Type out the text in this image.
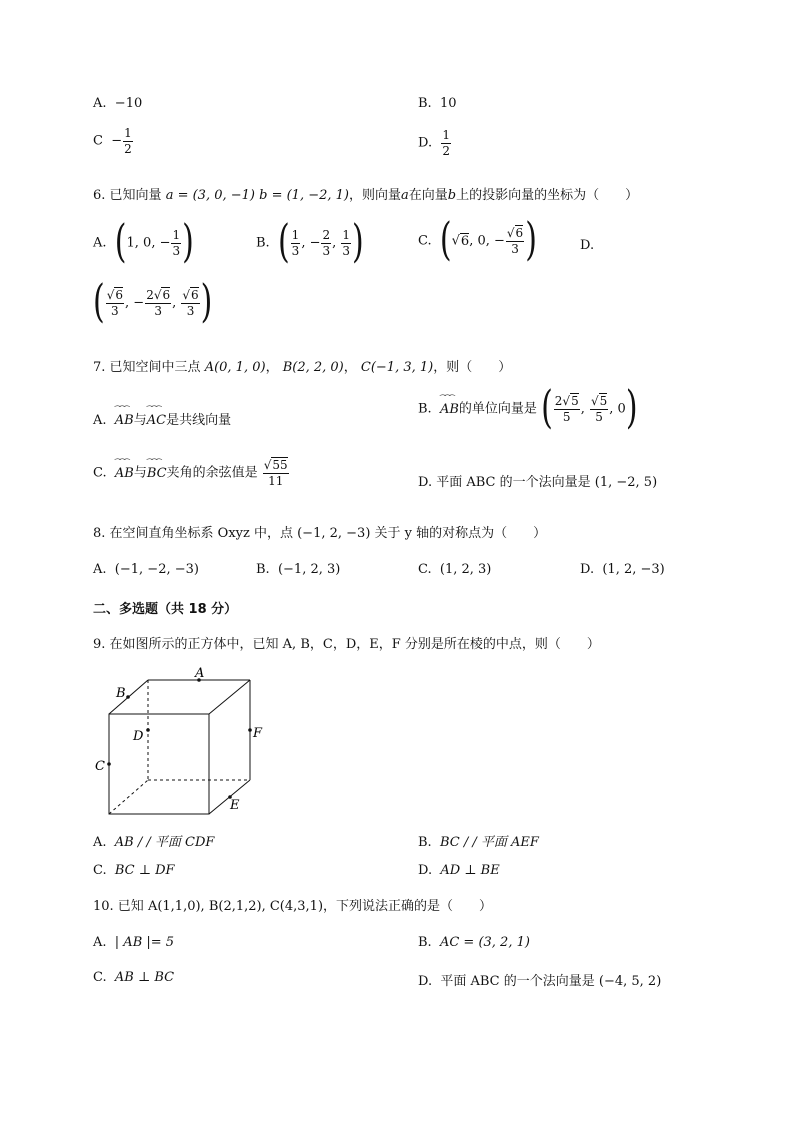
A. −10	B. 10
$C - \frac{1}{2}$	D. $\frac{1}{2}$
6. 已知向量 a = (3, 0, −1) b = (1, −2, 1)，则向量a在向量b上的投影向量的坐标为（　　）
A. (1, 0, − $\frac{1}{3}$ )	B. ( $\frac{1}{3}$ , − $\frac{2}{3}$ , $\frac{1}{3}$ )	C. (√6, 0, − $\frac{√6}{3}$ )	D.
( $\frac{√6}{3}$ , − $\frac{2√6}{3}$ , $\frac{√6}{3}$ )
7. 已知空间中三点 A(0, 1, 0)， B(2, 2, 0)， C(−1, 3, 1)，则（　　）
A. ⁀⁀⁀ AB与⁀⁀⁀ AC是共线向量
B. ⁀⁀⁀ AB的单位向量是 ( $\frac{2√5}{5}$ , $\frac{√5}{5}$ , 0)
C. ⁀⁀⁀ AB与⁀⁀⁀ BC夹角的余弦值是 $\frac{√55}{11}$	D. 平面 ABC 的一个法向量是 (1, −2, 5)
8. 在空间直角坐标系 Oxyz 中，点 (−1, 2, −3) 关于 y 轴的对称点为（　　）
A. (−1, −2, −3)	B. (−1, 2, 3)	C. (1, 2, 3)	D. (1, 2, −3)
二、多选题（共 18 分）
9. 在如图所示的正方体中，已知 A, B，C，D，E，F 分别是所在棱的中点，则（　　）
A
B
C
D
E
F
A. AB / / 平面 CDF	B. BC / / 平面 AEF
C. BC ⊥ DF	D. AD ⊥ BE
10. 已知 A(1,1,0), B(2,1,2), C(4,3,1)，下列说法正确的是（　　）
A. | AB |= 5	B. AC = (3, 2, 1)
C. AB ⊥ BC	D. 平面 ABC 的一个法向量是 (−4, 5, 2)
